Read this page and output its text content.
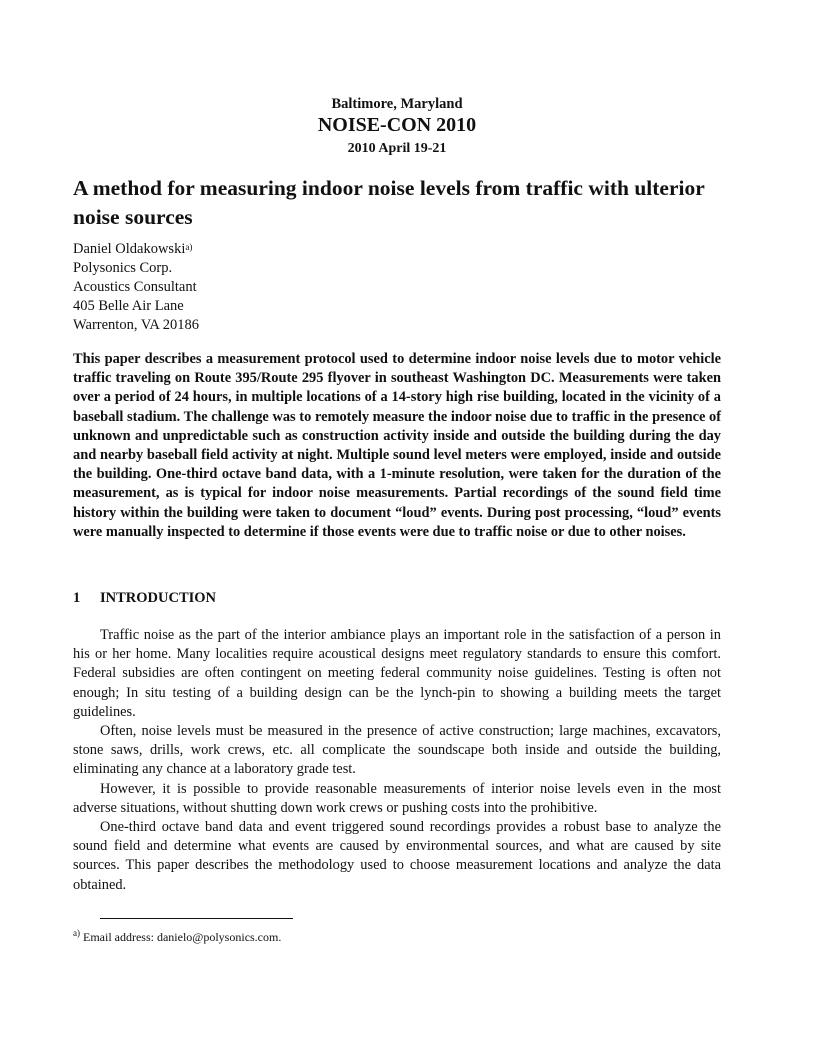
Baltimore, Maryland
NOISE-CON 2010
2010 April 19-21
A method for measuring indoor noise levels from traffic with ulterior noise sources
Daniel Oldakowski$^{a)}$
Polysonics Corp.
Acoustics Consultant
405 Belle Air Lane
Warrenton, VA 20186

This paper describes a measurement protocol used to determine indoor noise levels due to motor vehicle traffic traveling on Route 395/Route 295 flyover in southeast Washington DC. Measurements were taken over a period of 24 hours, in multiple locations of a 14-story high rise building, located in the vicinity of a baseball stadium. The challenge was to remotely measure the indoor noise due to traffic in the presence of unknown and unpredictable such as construction activity inside and outside the building during the day and nearby baseball field activity at night. Multiple sound level meters were employed, inside and outside the building. One-third octave band data, with a 1-minute resolution, were taken for the duration of the measurement, as is typical for indoor noise measurements. Partial recordings of the sound field time history within the building were taken to document “loud” events. During post processing, “loud” events were manually inspected to determine if those events were due to traffic noise or due to other noises.

1 INTRODUCTION

Traffic noise as the part of the interior ambiance plays an important role in the satisfaction of a person in his or her home. Many localities require acoustical designs meet regulatory standards to ensure this comfort. Federal subsidies are often contingent on meeting federal community noise guidelines. Testing is often not enough; In situ testing of a building design can be the lynch-pin to showing a building meets the target guidelines.

Often, noise levels must be measured in the presence of active construction; large machines, excavators, stone saws, drills, work crews, etc. all complicate the soundscape both inside and outside the building, eliminating any chance at a laboratory grade test.

However, it is possible to provide reasonable measurements of interior noise levels even in the most adverse situations, without shutting down work crews or pushing costs into the prohibitive.

One-third octave band data and event triggered sound recordings provides a robust base to analyze the sound field and determine what events are caused by environmental sources, and what are caused by site sources. This paper describes the methodology used to choose measurement locations and analyze the data obtained.

$^{a)}$ Email address: danielo@polysonics.com.
